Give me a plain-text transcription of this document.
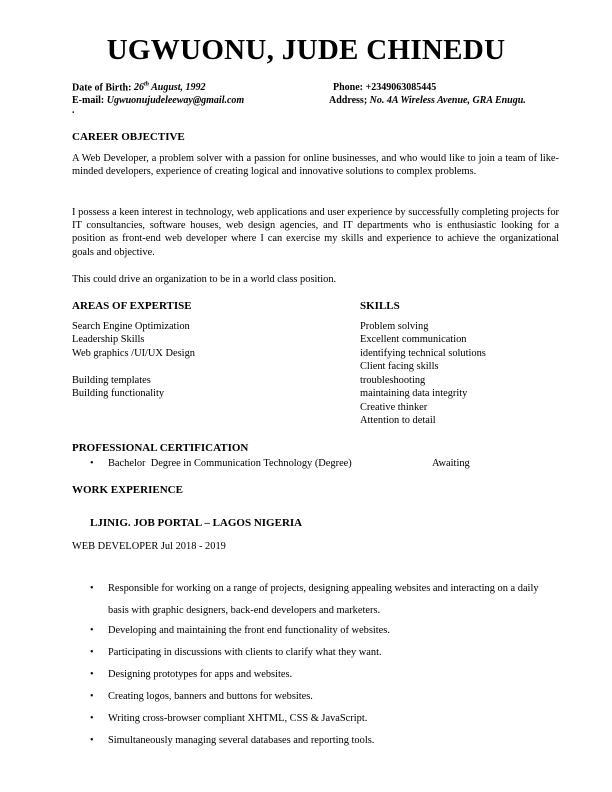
UGWUONU, JUDE CHINEDU
Date of Birth: 26th August, 1992	Phone: +2349063085445
E-mail: Ugwuonujudeleeway@gmail.com	Address; No. 4A Wireless Avenue, GRA Enugu.
.
CAREER OBJECTIVE
A Web Developer, a problem solver with a passion for online businesses, and who would like to join a team of like-minded developers, experience of creating logical and innovative solutions to complex problems.
I possess a keen interest in technology, web applications and user experience by successfully completing projects for IT consultancies, software houses, web design agencies, and IT departments who is enthusiastic looking for a position as front-end web developer where I can exercise my skills and experience to achieve the organizational goals and objective.
This could drive an organization to be in a world class position.
AREAS OF EXPERTISE
Search Engine Optimization
Leadership Skills
Web graphics /UI/UX Design
Building templates
Building functionality
SKILLS
Problem solving
Excellent communication
identifying technical solutions
Client facing skills
troubleshooting
maintaining data integrity
Creative thinker
Attention to detail
PROFESSIONAL CERTIFICATION
• Bachelor  Degree in Communication Technology (Degree)	Awaiting
WORK EXPERIENCE
LJINIG. JOB PORTAL – LAGOS NIGERIA
WEB DEVELOPER Jul 2018 - 2019
• Responsible for working on a range of projects, designing appealing websites and interacting on a daily basis with graphic designers, back-end developers and marketers.
• Developing and maintaining the front end functionality of websites.
• Participating in discussions with clients to clarify what they want.
• Designing prototypes for apps and websites.
• Creating logos, banners and buttons for websites.
• Writing cross-browser compliant XHTML, CSS & JavaScript.
• Simultaneously managing several databases and reporting tools.
